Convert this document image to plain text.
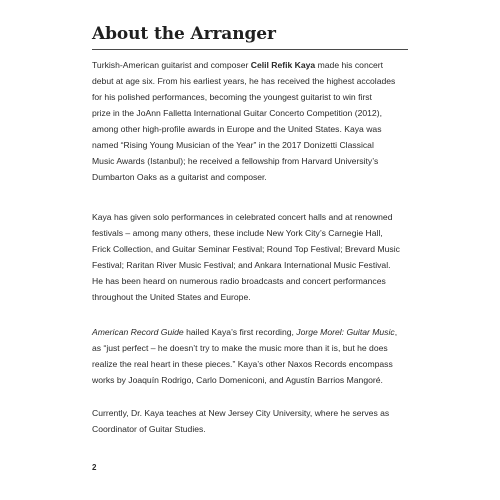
About the Arranger

Turkish-American guitarist and composer Celil Refik Kaya made his concert
debut at age six. From his earliest years, he has received the highest accolades
for his polished performances, becoming the youngest guitarist to win first
prize in the JoAnn Falletta International Guitar Concerto Competition (2012),
among other high-profile awards in Europe and the United States. Kaya was
named “Rising Young Musician of the Year” in the 2017 Donizetti Classical
Music Awards (Istanbul); he received a fellowship from Harvard University’s
Dumbarton Oaks as a guitarist and composer.

Kaya has given solo performances in celebrated concert halls and at renowned
festivals – among many others, these include New York City’s Carnegie Hall,
Frick Collection, and Guitar Seminar Festival; Round Top Festival; Brevard Music
Festival; Raritan River Music Festival; and Ankara International Music Festival.
He has been heard on numerous radio broadcasts and concert performances
throughout the United States and Europe.

American Record Guide hailed Kaya’s first recording, Jorge Morel: Guitar Music,
as “just perfect – he doesn’t try to make the music more than it is, but he does
realize the real heart in these pieces.” Kaya’s other Naxos Records encompass
works by Joaquín Rodrigo, Carlo Domeniconi, and Agustín Barrios Mangoré.

Currently, Dr. Kaya teaches at New Jersey City University, where he serves as
Coordinator of Guitar Studies.

2
